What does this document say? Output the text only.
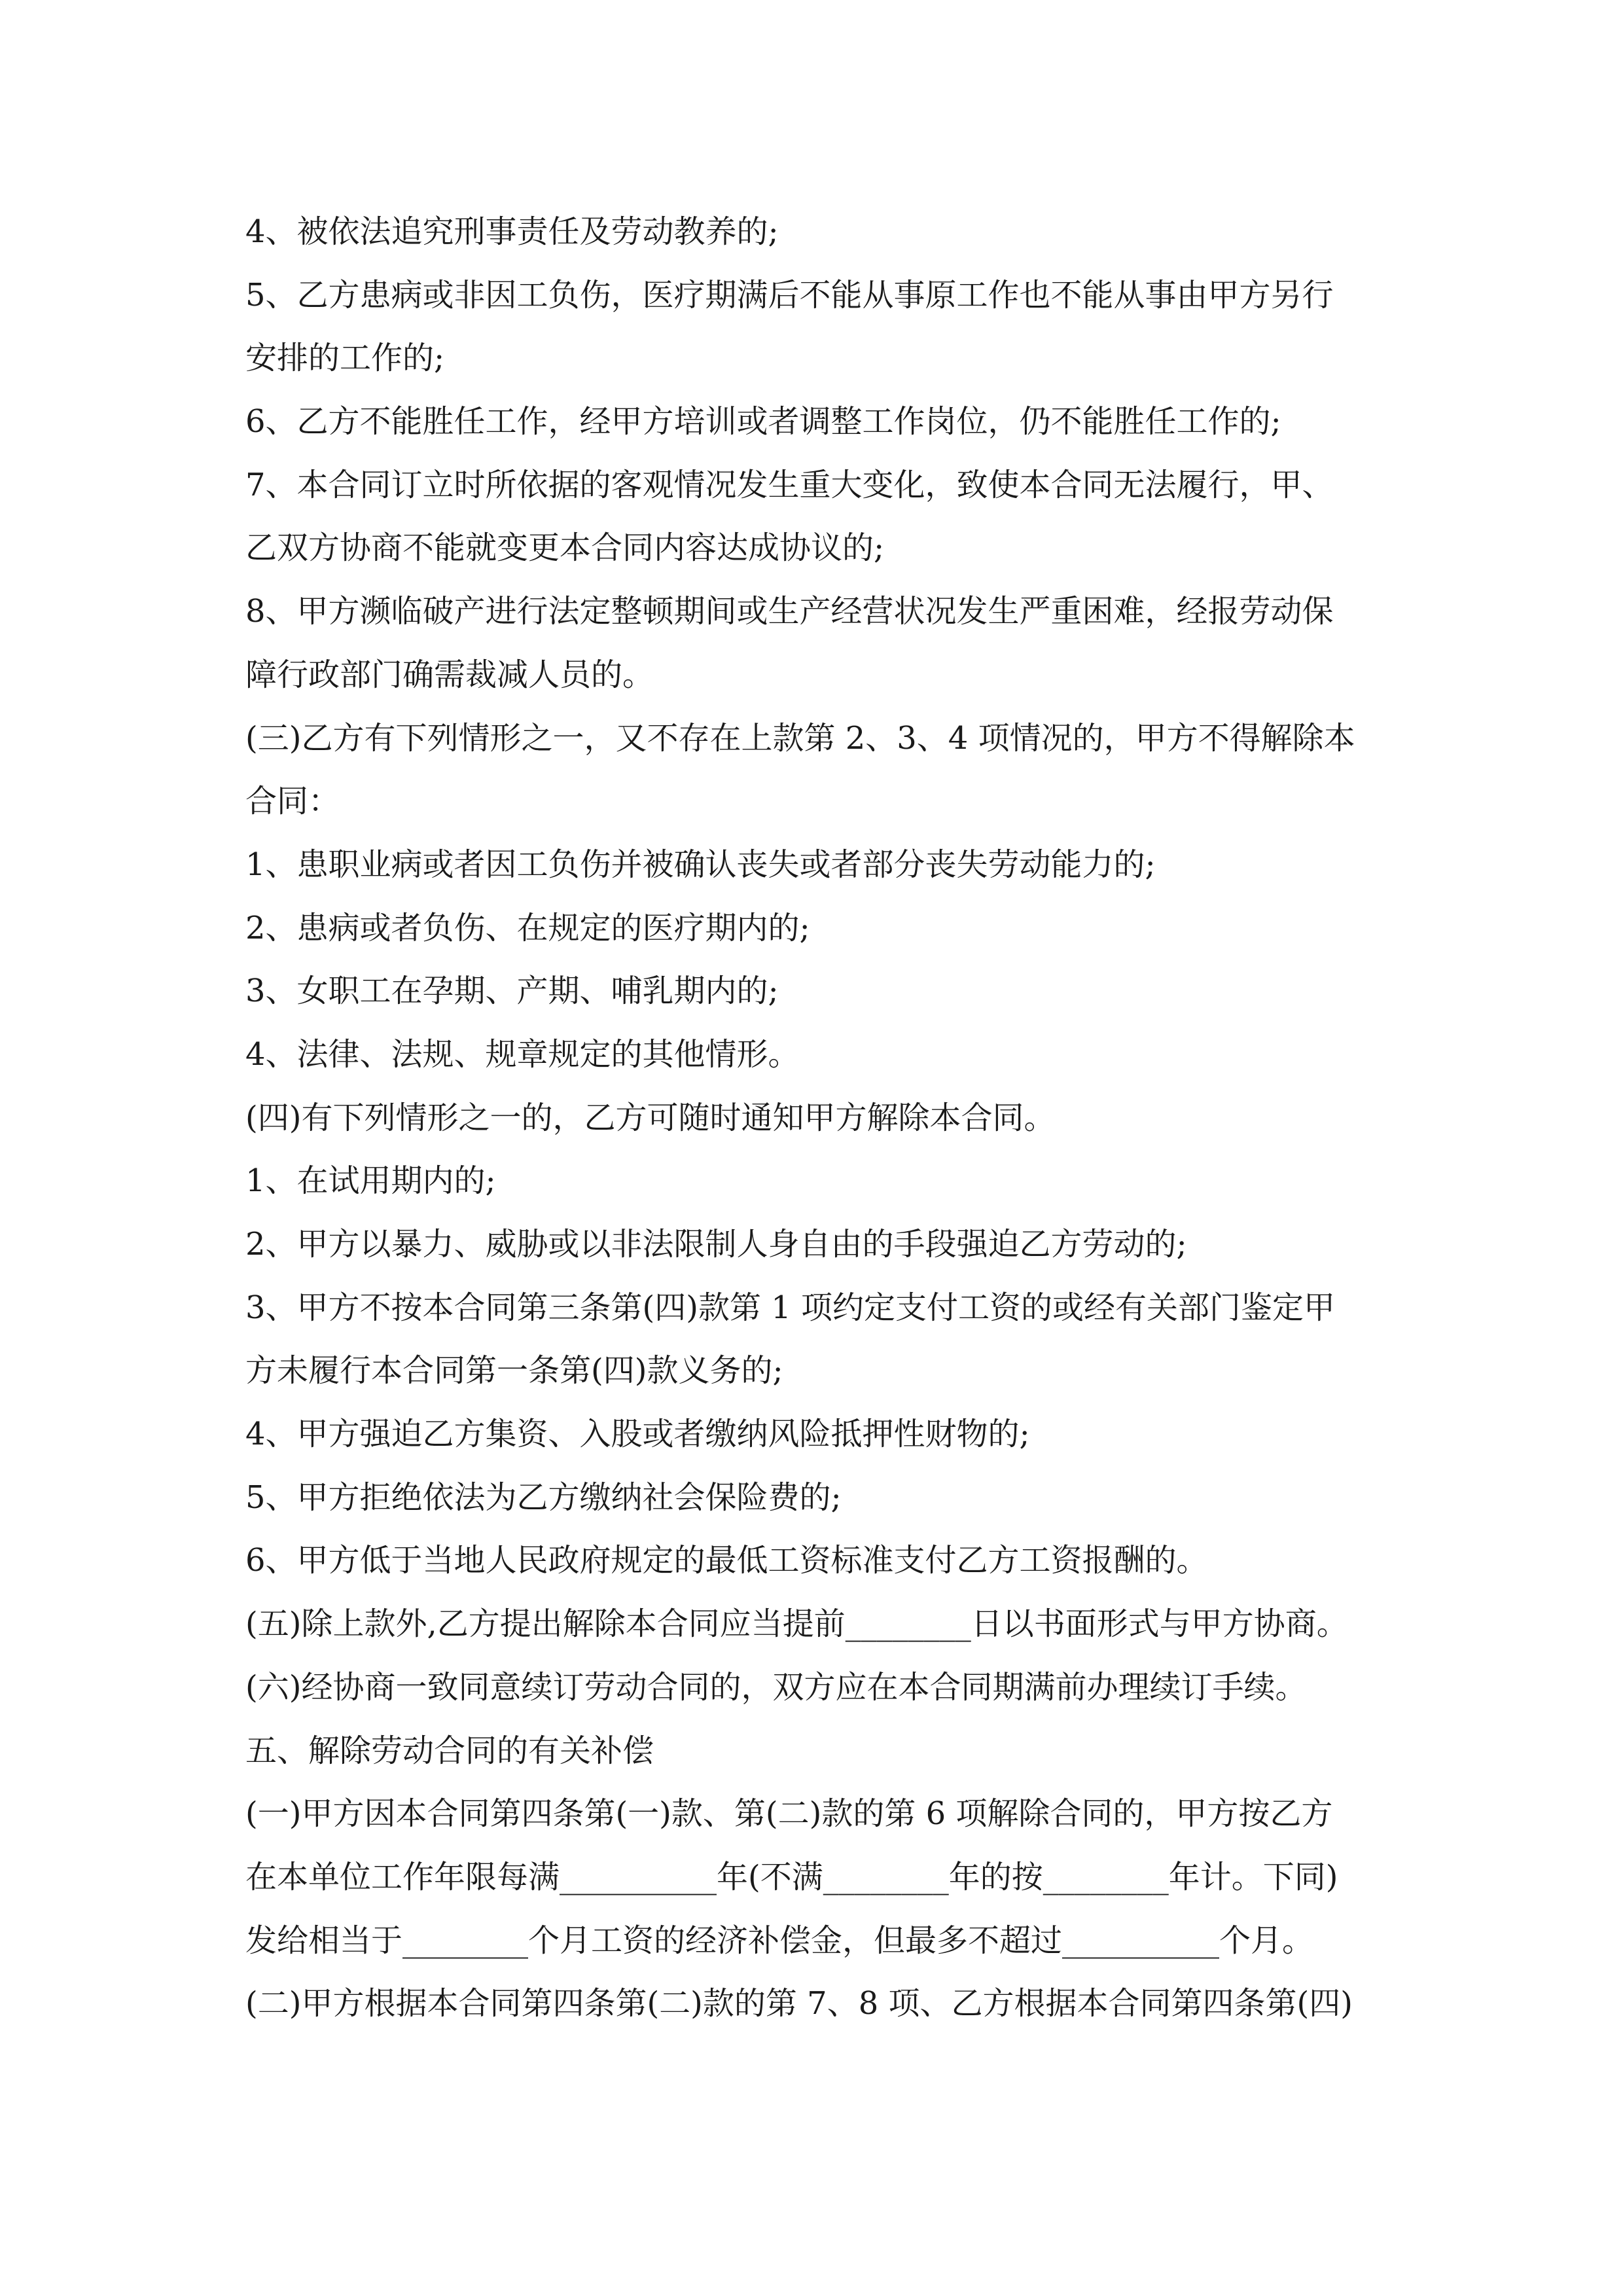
4、被依法追究刑事责任及劳动教养的;
5、乙方患病或非因工负伤，医疗期满后不能从事原工作也不能从事由甲方另行
安排的工作的;
6、乙方不能胜任工作，经甲方培训或者调整工作岗位，仍不能胜任工作的;
7、本合同订立时所依据的客观情况发生重大变化，致使本合同无法履行，甲、
乙双方协商不能就变更本合同内容达成协议的;
8、甲方濒临破产进行法定整顿期间或生产经营状况发生严重困难，经报劳动保
障行政部门确需裁减人员的。
(三)乙方有下列情形之一，又不存在上款第 2、3、4 项情况的，甲方不得解除本
合同：
1、患职业病或者因工负伤并被确认丧失或者部分丧失劳动能力的;
2、患病或者负伤、在规定的医疗期内的;
3、女职工在孕期、产期、哺乳期内的;
4、法律、法规、规章规定的其他情形。
(四)有下列情形之一的，乙方可随时通知甲方解除本合同。
1、在试用期内的;
2、甲方以暴力、威胁或以非法限制人身自由的手段强迫乙方劳动的;
3、甲方不按本合同第三条第(四)款第 1 项约定支付工资的或经有关部门鉴定甲
方未履行本合同第一条第(四)款义务的;
4、甲方强迫乙方集资、入股或者缴纳风险抵押性财物的;
5、甲方拒绝依法为乙方缴纳社会保险费的;
6、甲方低于当地人民政府规定的最低工资标准支付乙方工资报酬的。
(五)除上款外,乙方提出解除本合同应当提前________日以书面形式与甲方协商。
(六)经协商一致同意续订劳动合同的，双方应在本合同期满前办理续订手续。
五、解除劳动合同的有关补偿
(一)甲方因本合同第四条第(一)款、第(二)款的第 6 项解除合同的，甲方按乙方
在本单位工作年限每满__________年(不满________年的按________年计。下同)
发给相当于________个月工资的经济补偿金，但最多不超过__________个月。
(二)甲方根据本合同第四条第(二)款的第 7、8 项、乙方根据本合同第四条第(四)
